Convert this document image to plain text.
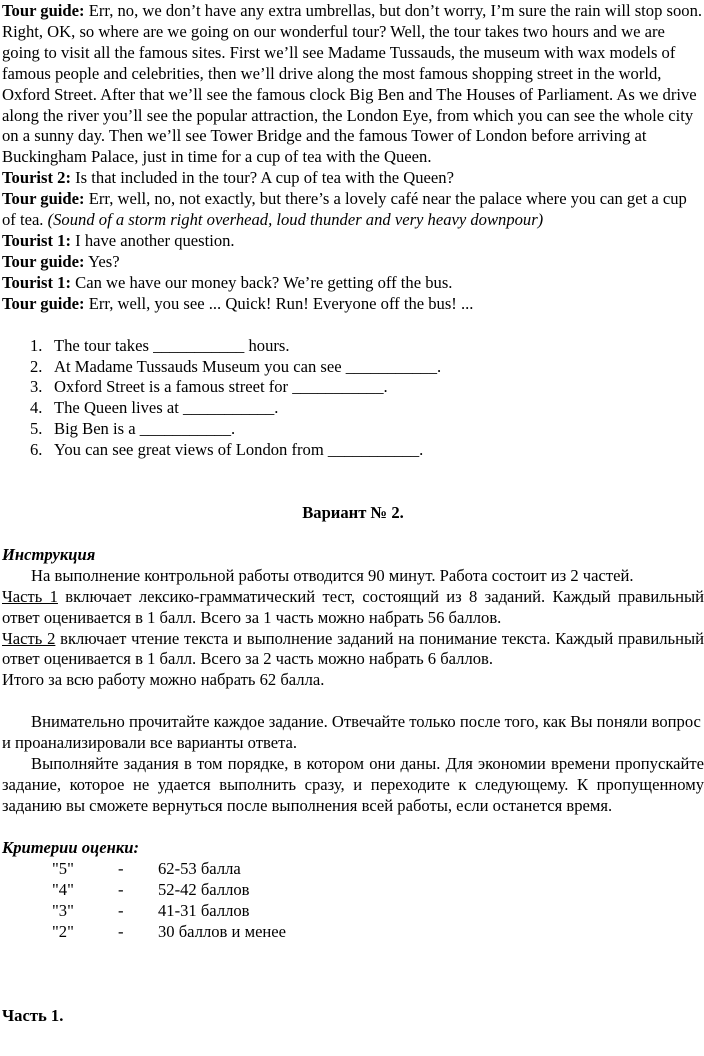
Tour guide: Err, no, we don’t have any extra umbrellas, but don’t worry, I’m sure the rain will stop soon. Right, OK, so where are we going on our wonderful tour? Well, the tour takes two hours and we are going to visit all the famous sites. First we’ll see Madame Tussauds, the museum with wax models of famous people and celebrities, then we’ll drive along the most famous shopping street in the world, Oxford Street. After that we’ll see the famous clock Big Ben and The Houses of Parliament. As we drive along the river you’ll see the popular attraction, the London Eye, from which you can see the whole city on a sunny day. Then we’ll see Tower Bridge and the famous Tower of London before arriving at Buckingham Palace, just in time for a cup of tea with the Queen.

Tourist 2: Is that included in the tour? A cup of tea with the Queen?

Tour guide: Err, well, no, not exactly, but there’s a lovely café near the palace where you can get a cup of tea. (Sound of a storm right overhead, loud thunder and very heavy downpour)

Tourist 1: I have another question.

Tour guide: Yes?

Tourist 1: Can we have our money back? We’re getting off the bus.

Tour guide: Err, well, you see ... Quick! Run! Everyone off the bus! ...

1. The tour takes ___________ hours.
2. At Madame Tussauds Museum you can see ___________.
3. Oxford Street is a famous street for ___________.
4. The Queen lives at ___________.
5. Big Ben is a ___________.
6. You can see great views of London from ___________.

Вариант № 2.

Инструкция

На выполнение контрольной работы отводится 90 минут. Работа состоит из 2 частей.

Часть 1 включает лексико-грамматический тест, состоящий из 8 заданий. Каждый правильный ответ оценивается в 1 балл. Всего за 1 часть можно набрать 56 баллов.

Часть 2 включает чтение текста и выполнение заданий на понимание текста. Каждый правильный ответ оценивается в 1 балл. Всего за 2 часть можно набрать 6 баллов.

Итого за всю работу можно набрать 62 балла.

Внимательно прочитайте каждое задание. Отвечайте только после того, как Вы поняли вопрос и проанализировали все варианты ответа.

Выполняйте задания в том порядке, в котором они даны. Для экономии времени пропускайте задание, которое не удается выполнить сразу, и переходите к следующему. К пропущенному заданию вы сможете вернуться после выполнения всей работы, если останется время.

Критерии оценки:

"5"	-	62-53 балла
"4"	-	52-42 баллов
"3"	-	41-31 баллов
"2"	-	30 баллов и менее

Часть 1.
